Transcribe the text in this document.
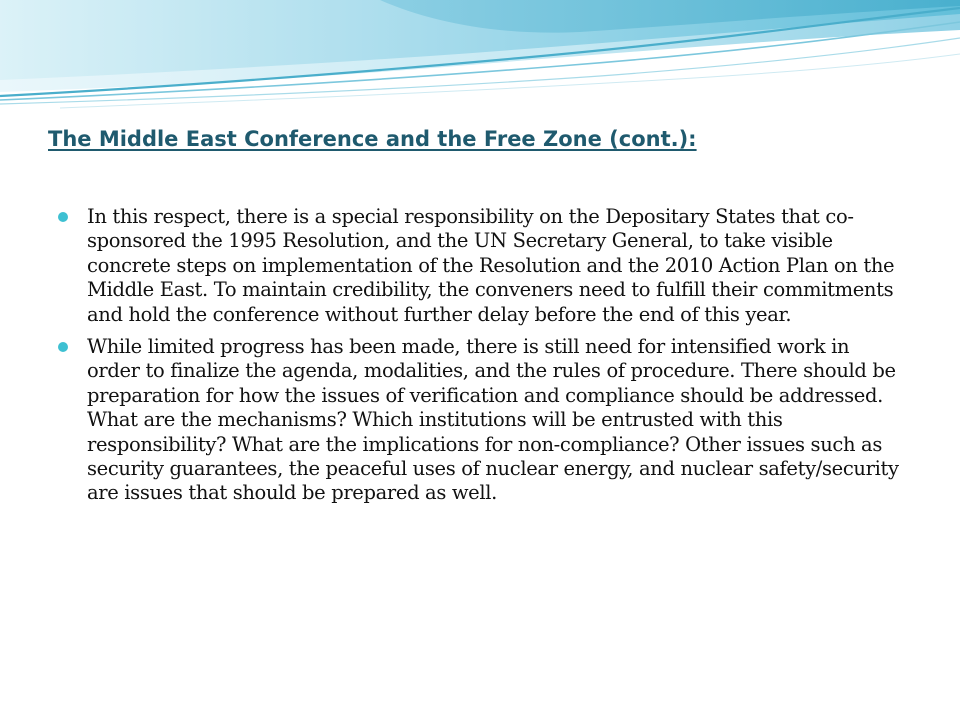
The Middle East Conference and the Free Zone (cont.):
In this respect, there is a special responsibility on the Depositary States that co-sponsored the 1995 Resolution, and the UN Secretary General, to take visible concrete steps on implementation of the Resolution and the 2010 Action Plan on the Middle East. To maintain credibility, the conveners need to fulfill their commitments and hold the conference without further delay before the end of this year.
While limited progress has been made, there is still need for intensified work in order to finalize the agenda, modalities, and the rules of procedure. There should be preparation for how the issues of verification and compliance should be addressed. What are the mechanisms? Which institutions will be entrusted with this responsibility? What are the implications for non-compliance? Other issues such as security guarantees, the peaceful uses of nuclear energy, and nuclear safety/security are issues that should be prepared as well.
